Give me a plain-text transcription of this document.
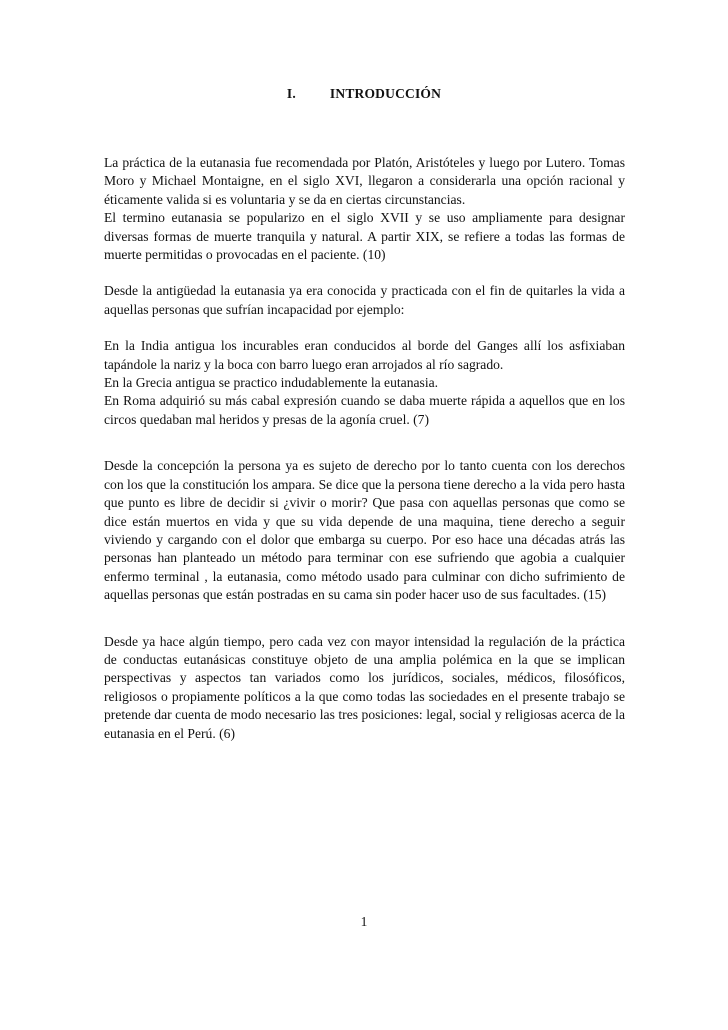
I.	INTRODUCCIÓN

La práctica de la eutanasia fue recomendada por Platón, Aristóteles y luego por Lutero. Tomas Moro y Michael Montaigne, en el siglo XVI, llegaron a considerarla una opción racional y éticamente valida si es voluntaria y se da en ciertas circunstancias.

El termino eutanasia se popularizo en el siglo XVII y se uso ampliamente para designar diversas formas de muerte tranquila y natural. A partir XIX, se refiere a todas las formas de muerte permitidas o provocadas en el paciente. (10)

Desde la antigüedad la eutanasia ya era conocida y practicada con el fin de quitarles la vida a aquellas personas que sufrían incapacidad por ejemplo:

En la India antigua los incurables eran conducidos al borde del Ganges allí los asfixiaban tapándole la nariz y la boca con barro luego eran arrojados al río sagrado.

En la Grecia antigua se practico indudablemente la eutanasia.

En Roma adquirió su más cabal expresión cuando se daba muerte rápida a aquellos que en los circos quedaban mal heridos y presas de la agonía cruel. (7)

Desde la concepción la persona ya es sujeto de derecho por lo tanto cuenta con los derechos con los que la constitución los ampara. Se dice que la persona tiene derecho a la vida pero hasta que punto es libre de decidir si ¿vivir o morir? Que pasa con aquellas personas que como se dice están muertos en vida y que su vida depende de una maquina, tiene derecho a seguir viviendo y cargando con el dolor que embarga su cuerpo. Por eso hace una décadas atrás las personas han planteado un método para terminar con ese sufriendo que agobia a cualquier enfermo terminal , la eutanasia, como método usado para culminar con dicho sufrimiento de aquellas personas que están postradas en su cama sin poder hacer uso de sus facultades. (15)

Desde ya hace algún tiempo, pero cada vez con mayor intensidad la regulación de la práctica de conductas eutanásicas constituye objeto de una amplia polémica en la que se implican perspectivas y aspectos tan variados como los jurídicos, sociales, médicos, filosóficos, religiosos o propiamente políticos a la que como todas las sociedades en el presente trabajo se pretende dar cuenta de modo necesario las tres posiciones: legal, social y religiosas acerca de la eutanasia en el Perú. (6)

1
